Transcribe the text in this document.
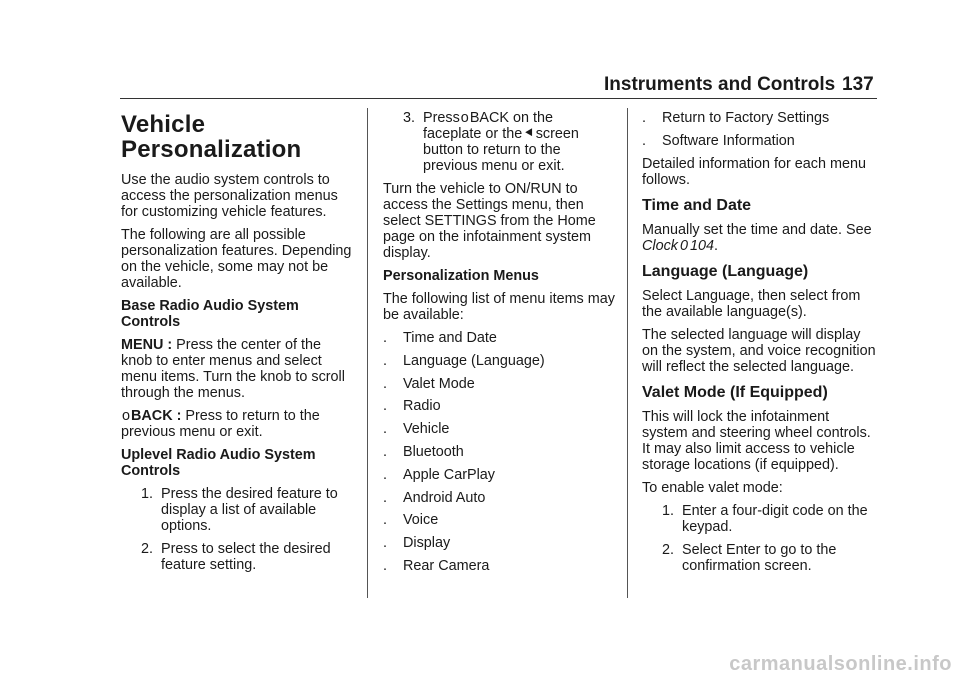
Instruments and Controls 137
Vehicle
Personalization

Use the audio system controls to access the personalization menus for customizing vehicle features.

The following are all possible personalization features. Depending on the vehicle, some may not be available.

Base Radio Audio System Controls

MENU : Press the center of the knob to enter menus and select menu items. Turn the knob to scroll through the menus.

oBACK : Press to return to the previous menu or exit.

Uplevel Radio Audio System Controls

1. Press the desired feature to display a list of available options.
2. Press to select the desired feature setting.
3. PressoBACK on the faceplate or the⯇screen button to return to the previous menu or exit.

Turn the vehicle to ON/RUN to access the Settings menu, then select SETTINGS from the Home page on the infotainment system display.

Personalization Menus

The following list of menu items may be available:

.	Time and Date
.	Language (Language)
.	Valet Mode
.	Radio
.	Vehicle
.	Bluetooth
.	Apple CarPlay
.	Android Auto
.	Voice
.	Display
.	Rear Camera
.	Return to Factory Settings
.	Software Information

Detailed information for each menu follows.

Time and Date

Manually set the time and date. See
Clock 0 104.

Language (Language)

Select Language, then select from the available language(s).

The selected language will display on the system, and voice recognition will reflect the selected language.

Valet Mode (If Equipped)

This will lock the infotainment system and steering wheel controls. It may also limit access to vehicle storage locations (if equipped).

To enable valet mode:

1. Enter a four-digit code on the keypad.
2. Select Enter to go to the confirmation screen.
carmanualsonline.info
